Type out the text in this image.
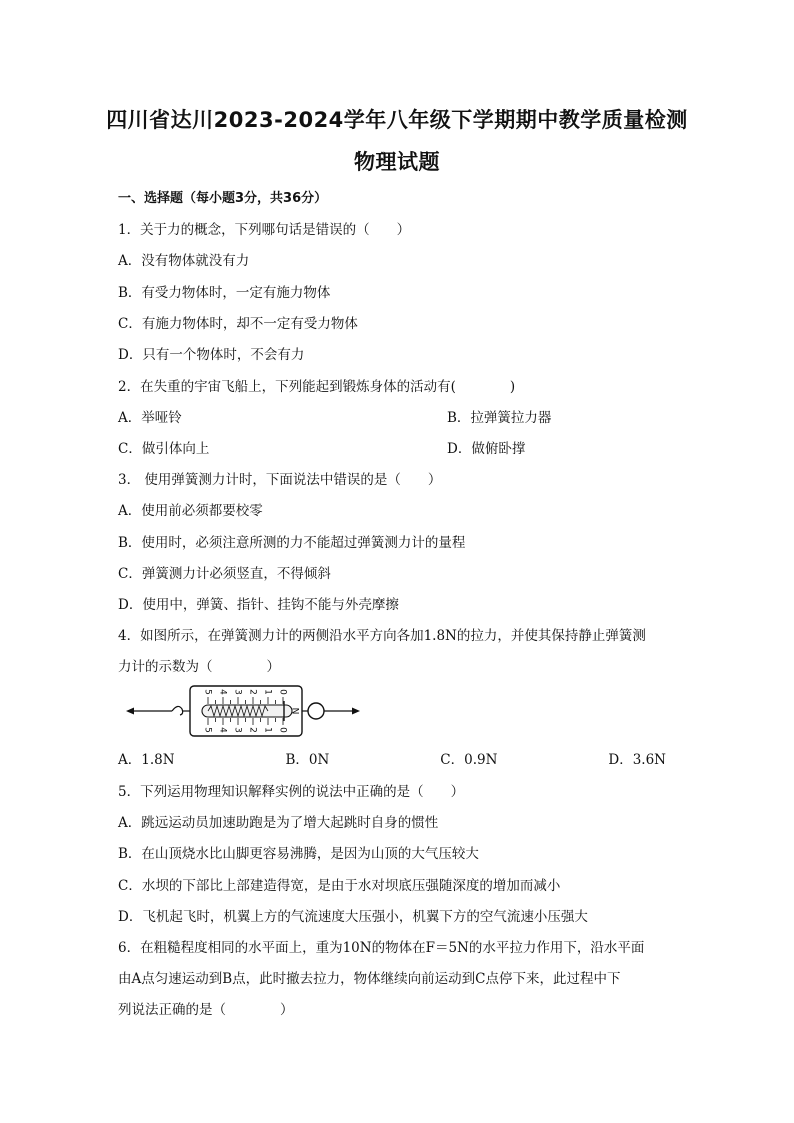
四川省达川2023-2024学年八年级下学期期中教学质量检测
物理试题
一、选择题（每小题3分，共36分）
1．关于力的概念，下列哪句话是错误的（　　）
A．没有物体就没有力
B．有受力物体时，一定有施力物体
C．有施力物体时，却不一定有受力物体
D．只有一个物体时，不会有力
2．在失重的宇宙飞船上，下列能起到锻炼身体的活动有(　　　　)
A．举哑铃	B．拉弹簧拉力器
C．做引体向上	D．做俯卧撑
3． 使用弹簧测力计时，下面说法中错误的是（　　）
A．使用前必须都要校零
B．使用时，必须注意所测的力不能超过弹簧测力计的量程
C．弹簧测力计必须竖直，不得倾斜
D．使用中，弹簧、指针、挂钩不能与外壳摩擦
4．如图所示，在弹簧测力计的两侧沿水平方向各加1.8N的拉力，并使其保持静止弹簧测
力计的示数为（　　　　）
5 4 3 2 1 0
5 4 3 2 1 0
N
A．1.8N	B．0N	C．0.9N	D．3.6N
5．下列运用物理知识解释实例的说法中正确的是（　　）
A．跳远运动员加速助跑是为了增大起跳时自身的惯性
B．在山顶烧水比山脚更容易沸腾，是因为山顶的大气压较大
C．水坝的下部比上部建造得宽，是由于水对坝底压强随深度的增加而减小
D．飞机起飞时，机翼上方的气流速度大压强小，机翼下方的空气流速小压强大
6．在粗糙程度相同的水平面上，重为10N的物体在F＝5N的水平拉力作用下，沿水平面
由A点匀速运动到B点，此时撤去拉力，物体继续向前运动到C点停下来，此过程中下
列说法正确的是（　　　　）
